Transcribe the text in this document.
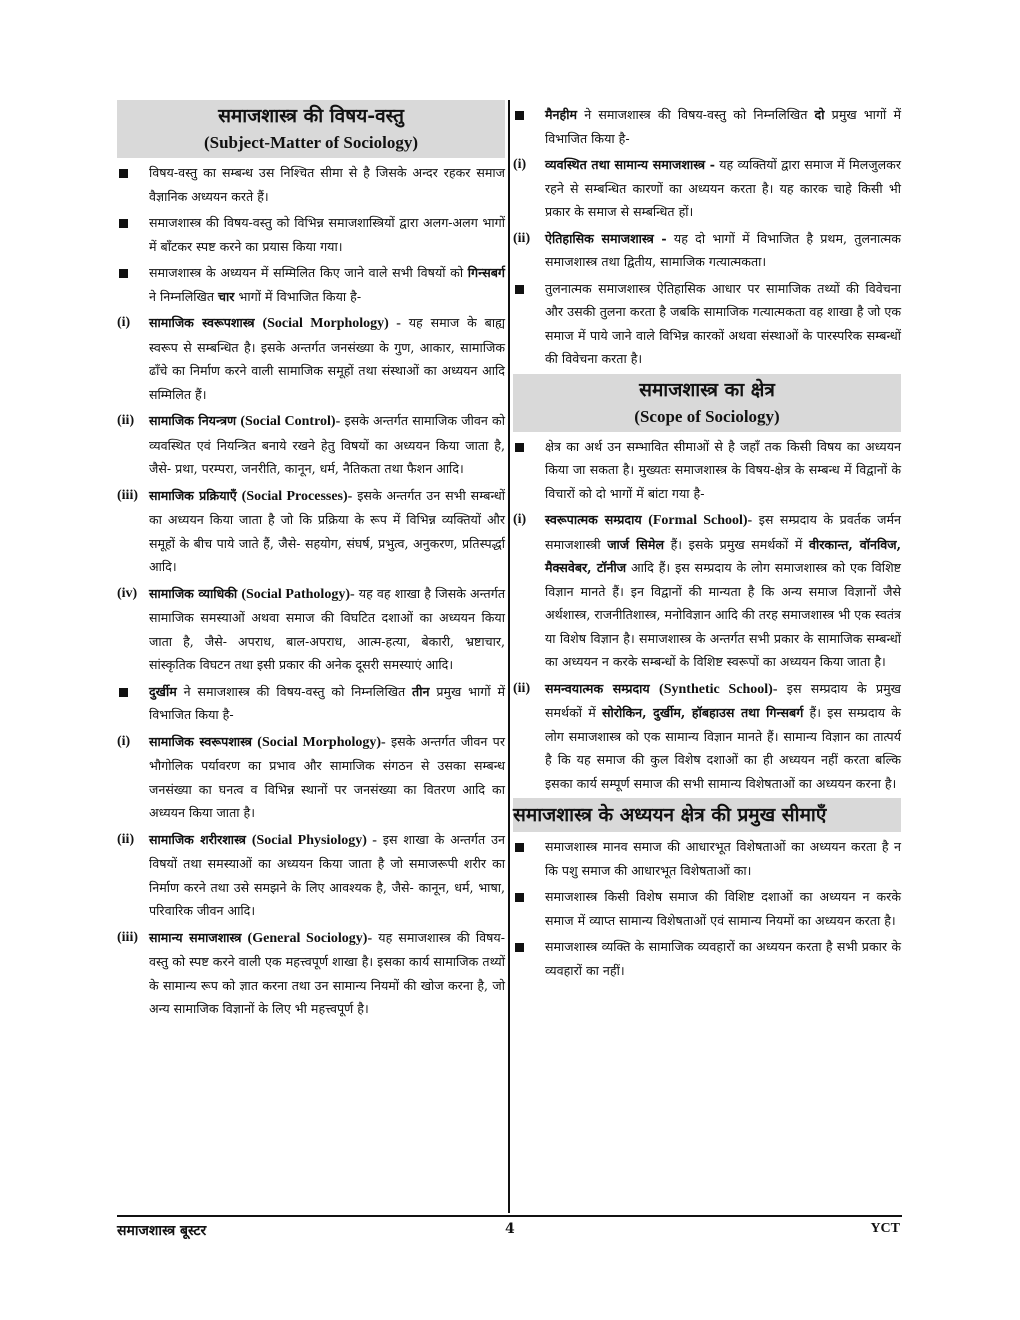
समाजशास्त्र की विषय-वस्तु
(Subject-Matter of Sociology)
विषय-वस्तु का सम्बन्ध उस निश्चित सीमा से है जिसके अन्दर रहकर समाज वैज्ञानिक अध्ययन करते हैं।
समाजशास्त्र की विषय-वस्तु को विभिन्न समाजशास्त्रियों द्वारा अलग-अलग भागों में बाँटकर स्पष्ट करने का प्रयास किया गया।
समाजशास्त्र के अध्ययन में सम्मिलित किए जाने वाले सभी विषयों को गिन्सबर्ग ने निम्नलिखित चार भागों में विभाजित किया है-
(i) सामाजिक स्वरूपशास्त्र (Social Morphology) - यह समाज के बाह्य स्वरूप से सम्बन्धित है। इसके अन्तर्गत जनसंख्या के गुण, आकार, सामाजिक ढाँचे का निर्माण करने वाली सामाजिक समूहों तथा संस्थाओं का अध्ययन आदि सम्मिलित हैं।
(ii) सामाजिक नियन्त्रण (Social Control)- इसके अन्तर्गत सामाजिक जीवन को व्यवस्थित एवं नियन्त्रित बनाये रखने हेतु विषयों का अध्ययन किया जाता है, जैसे- प्रथा, परम्परा, जनरीति, कानून, धर्म, नैतिकता तथा फैशन आदि।
(iii) सामाजिक प्रक्रियाएँ (Social Processes)- इसके अन्तर्गत उन सभी सम्बन्धों का अध्ययन किया जाता है जो कि प्रक्रिया के रूप में विभिन्न व्यक्तियों और समूहों के बीच पाये जाते हैं, जैसे- सहयोग, संघर्ष, प्रभुत्व, अनुकरण, प्रतिस्पर्द्धा आदि।
(iv) सामाजिक व्याधिकी (Social Pathology)- यह वह शाखा है जिसके अन्तर्गत सामाजिक समस्याओं अथवा समाज की विघटित दशाओं का अध्ययन किया जाता है, जैसे- अपराध, बाल-अपराध, आत्म-हत्या, बेकारी, भ्रष्टाचार, सांस्कृतिक विघटन तथा इसी प्रकार की अनेक दूसरी समस्याएं आदि।
दुर्खीम ने समाजशास्त्र की विषय-वस्तु को निम्नलिखित तीन प्रमुख भागों में विभाजित किया है-
(i) सामाजिक स्वरूपशास्त्र (Social Morphology)- इसके अन्तर्गत जीवन पर भौगोलिक पर्यावरण का प्रभाव और सामाजिक संगठन से उसका सम्बन्ध जनसंख्या का घनत्व व विभिन्न स्थानों पर जनसंख्या का वितरण आदि का अध्ययन किया जाता है।
(ii) सामाजिक शरीरशास्त्र (Social Physiology) - इस शाखा के अन्तर्गत उन विषयों तथा समस्याओं का अध्ययन किया जाता है जो समाजरूपी शरीर का निर्माण करने तथा उसे समझने के लिए आवश्यक है, जैसे- कानून, धर्म, भाषा, परिवारिक जीवन आदि।
(iii) सामान्य समाजशास्त्र (General Sociology)- यह समाजशास्त्र की विषय-वस्तु को स्पष्ट करने वाली एक महत्त्वपूर्ण शाखा है। इसका कार्य सामाजिक तथ्यों के सामान्य रूप को ज्ञात करना तथा उन सामान्य नियमों की खोज करना है, जो अन्य सामाजिक विज्ञानों के लिए भी महत्त्वपूर्ण है।
मैनहीम ने समाजशास्त्र की विषय-वस्तु को निम्नलिखित दो प्रमुख भागों में विभाजित किया है-
(i) व्यवस्थित तथा सामान्य समाजशास्त्र - यह व्यक्तियों द्वारा समाज में मिलजुलकर रहने से सम्बन्धित कारणों का अध्ययन करता है। यह कारक चाहे किसी भी प्रकार के समाज से सम्बन्धित हों।
(ii) ऐतिहासिक समाजशास्त्र - यह दो भागों में विभाजित है प्रथम, तुलनात्मक समाजशास्त्र तथा द्वितीय, सामाजिक गत्यात्मकता।
तुलनात्मक समाजशास्त्र ऐतिहासिक आधार पर सामाजिक तथ्यों की विवेचना और उसकी तुलना करता है जबकि सामाजिक गत्यात्मकता वह शाखा है जो एक समाज में पाये जाने वाले विभिन्न कारकों अथवा संस्थाओं के पारस्परिक सम्बन्धों की विवेचना करता है।
समाजशास्त्र का क्षेत्र
(Scope of Sociology)
क्षेत्र का अर्थ उन सम्भावित सीमाओं से है जहाँ तक किसी विषय का अध्ययन किया जा सकता है। मुख्यतः समाजशास्त्र के विषय-क्षेत्र के सम्बन्ध में विद्वानों के विचारों को दो भागों में बांटा गया है-
(i) स्वरूपात्मक सम्प्रदाय (Formal School)- इस सम्प्रदाय के प्रवर्तक जर्मन समाजशास्त्री जार्ज सिमेल हैं। इसके प्रमुख समर्थकों में वीरकान्त, वॉनविज, मैक्सवेबर, टॉनीज आदि हैं। इस सम्प्रदाय के लोग समाजशास्त्र को एक विशिष्ट विज्ञान मानते हैं। इन विद्वानों की मान्यता है कि अन्य समाज विज्ञानों जैसे अर्थशास्त्र, राजनीतिशास्त्र, मनोविज्ञान आदि की तरह समाजशास्त्र भी एक स्वतंत्र या विशेष विज्ञान है। समाजशास्त्र के अन्तर्गत सभी प्रकार के सामाजिक सम्बन्धों का अध्ययन न करके सम्बन्धों के विशिष्ट स्वरूपों का अध्ययन किया जाता है।
(ii) समन्वयात्मक सम्प्रदाय (Synthetic School)- इस सम्प्रदाय के प्रमुख समर्थकों में सोरोकिन, दुर्खीम, हॉबहाउस तथा गिन्सबर्ग हैं। इस सम्प्रदाय के लोग समाजशास्त्र को एक सामान्य विज्ञान मानते हैं। सामान्य विज्ञान का तात्पर्य है कि यह समाज की कुल विशेष दशाओं का ही अध्ययन नहीं करता बल्कि इसका कार्य सम्पूर्ण समाज की सभी सामान्य विशेषताओं का अध्ययन करना है।
समाजशास्त्र के अध्ययन क्षेत्र की प्रमुख सीमाएँ
समाजशास्त्र मानव समाज की आधारभूत विशेषताओं का अध्ययन करता है न कि पशु समाज की आधारभूत विशेषताओं का।
समाजशास्त्र किसी विशेष समाज की विशिष्ट दशाओं का अध्ययन न करके समाज में व्याप्त सामान्य विशेषताओं एवं सामान्य नियमों का अध्ययन करता है।
समाजशास्त्र व्यक्ति के सामाजिक व्यवहारों का अध्ययन करता है सभी प्रकार के व्यवहारों का नहीं।
समाजशास्त्र बूस्टर	4	YCT
